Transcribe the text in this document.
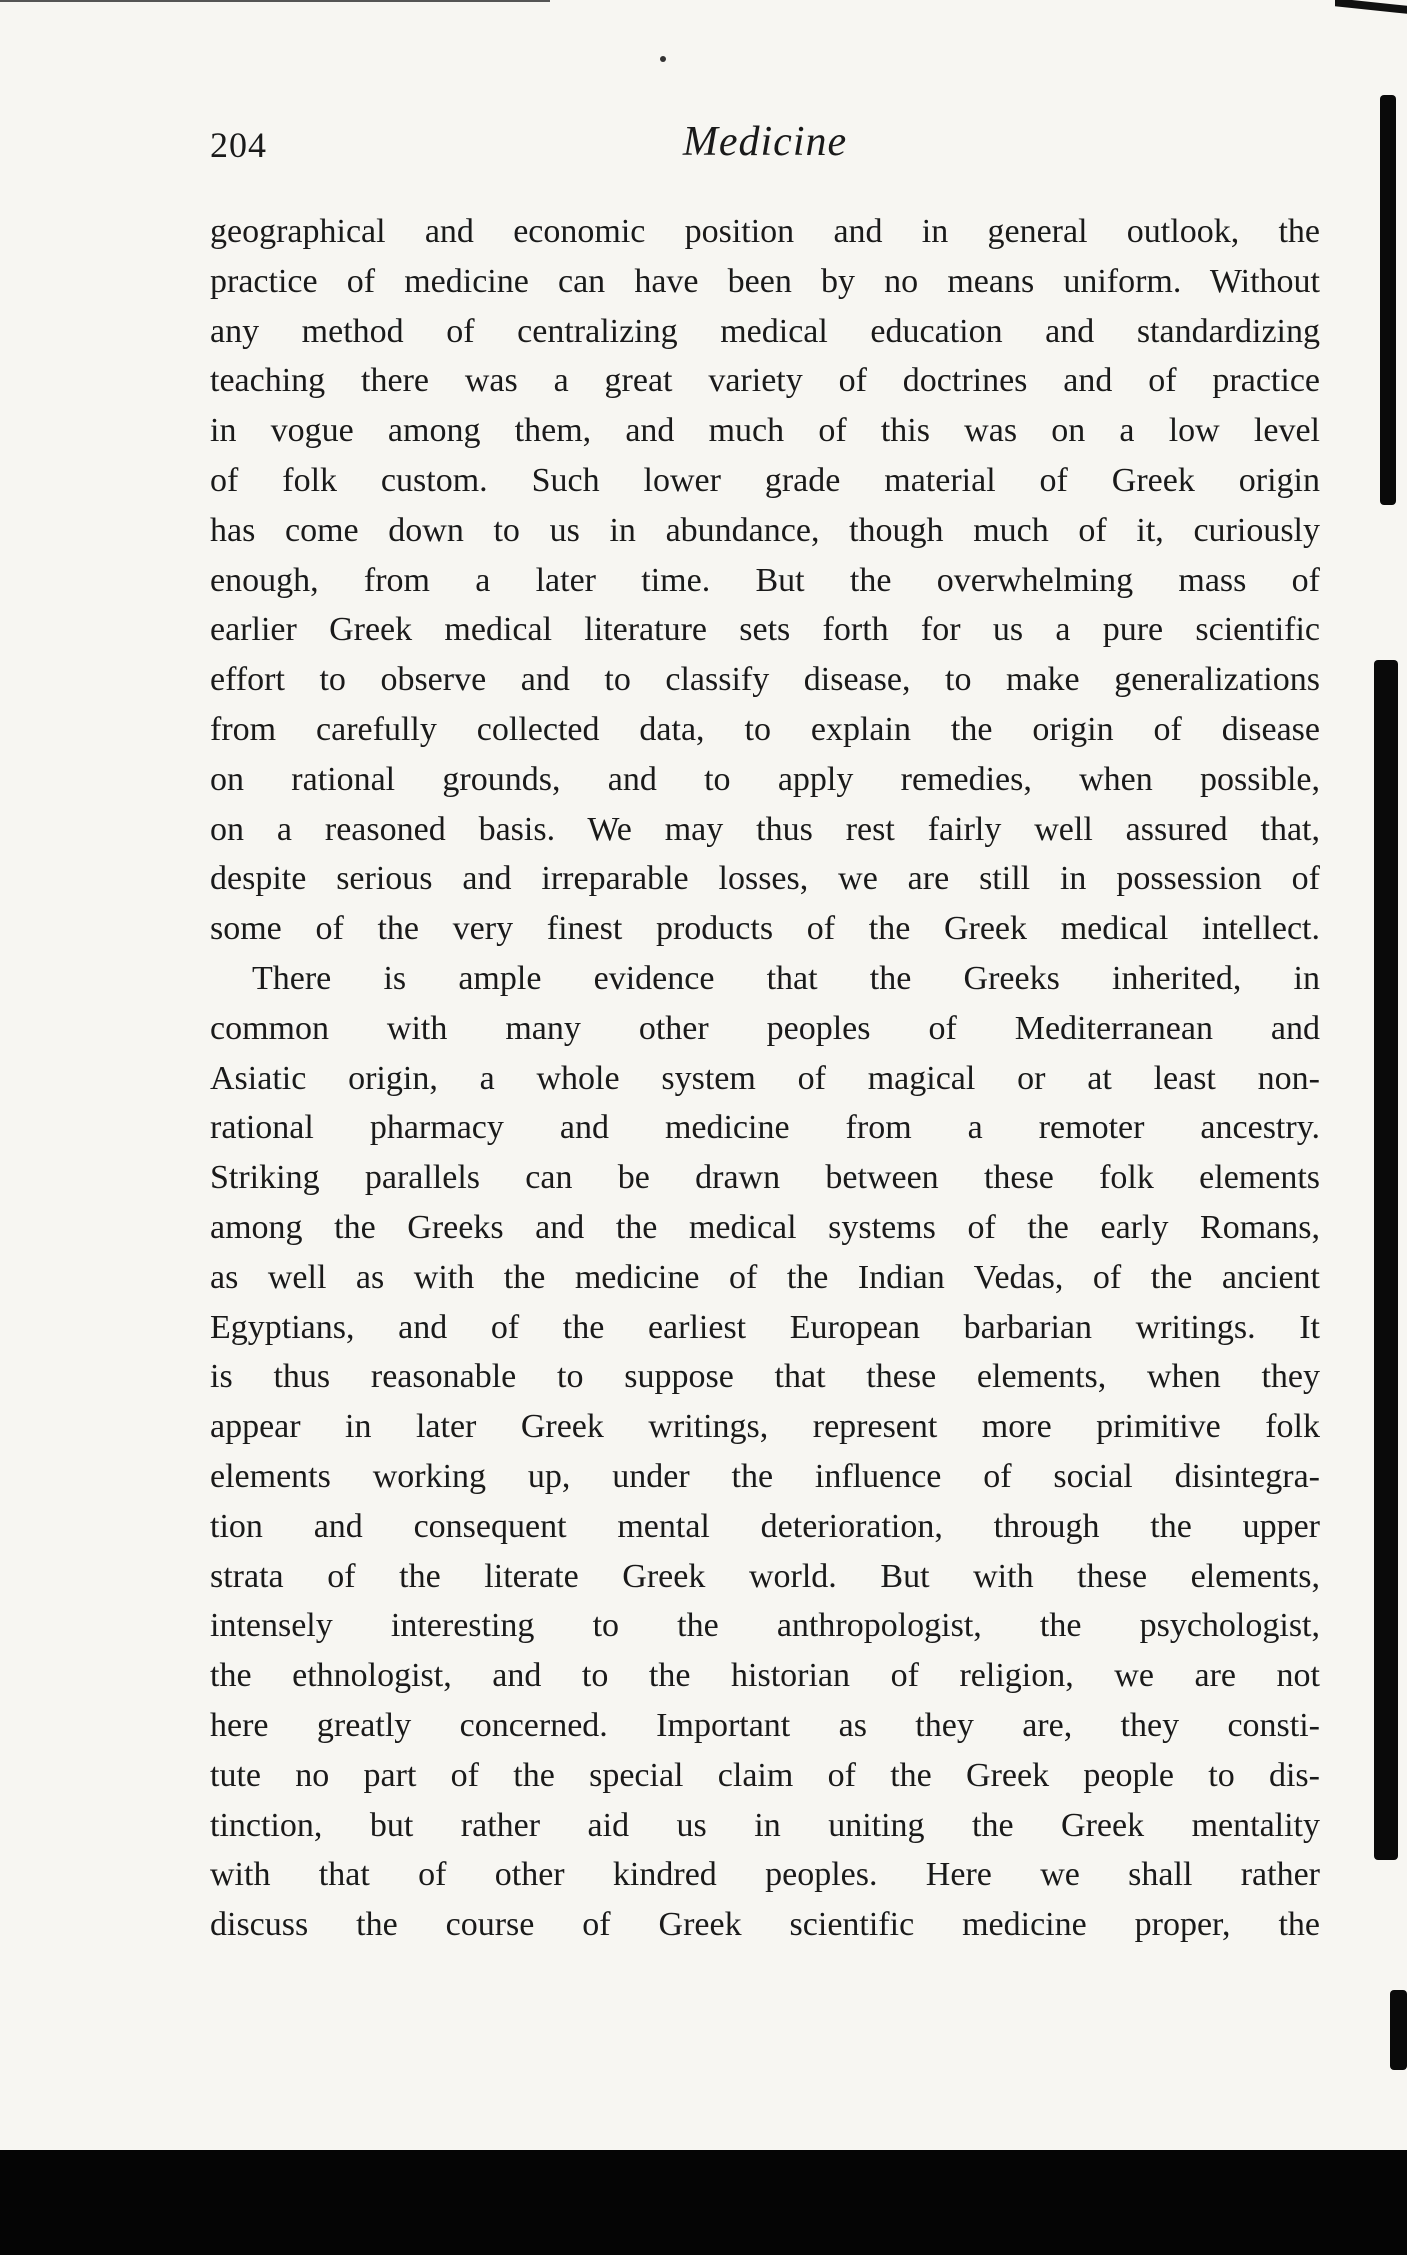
204	Medicine
geographical and economic position and in general outlook, the
practice of medicine can have been by no means uniform. Without
any method of centralizing medical education and standardizing
teaching there was a great variety of doctrines and of practice
in vogue among them, and much of this was on a low level
of folk custom. Such lower grade material of Greek origin
has come down to us in abundance, though much of it, curiously
enough, from a later time. But the overwhelming mass of
earlier Greek medical literature sets forth for us a pure scientific
effort to observe and to classify disease, to make generalizations
from carefully collected data, to explain the origin of disease
on rational grounds, and to apply remedies, when possible,
on a reasoned basis. We may thus rest fairly well assured that,
despite serious and irreparable losses, we are still in possession of
some of the very finest products of the Greek medical intellect.
There is ample evidence that the Greeks inherited, in
common with many other peoples of Mediterranean and
Asiatic origin, a whole system of magical or at least non-
rational pharmacy and medicine from a remoter ancestry.
Striking parallels can be drawn between these folk elements
among the Greeks and the medical systems of the early Romans,
as well as with the medicine of the Indian Vedas, of the ancient
Egyptians, and of the earliest European barbarian writings. It
is thus reasonable to suppose that these elements, when they
appear in later Greek writings, represent more primitive folk
elements working up, under the influence of social disintegra-
tion and consequent mental deterioration, through the upper
strata of the literate Greek world. But with these elements,
intensely interesting to the anthropologist, the psychologist,
the ethnologist, and to the historian of religion, we are not
here greatly concerned. Important as they are, they consti-
tute no part of the special claim of the Greek people to dis-
tinction, but rather aid us in uniting the Greek mentality
with that of other kindred peoples. Here we shall rather
discuss the course of Greek scientific medicine proper, the
